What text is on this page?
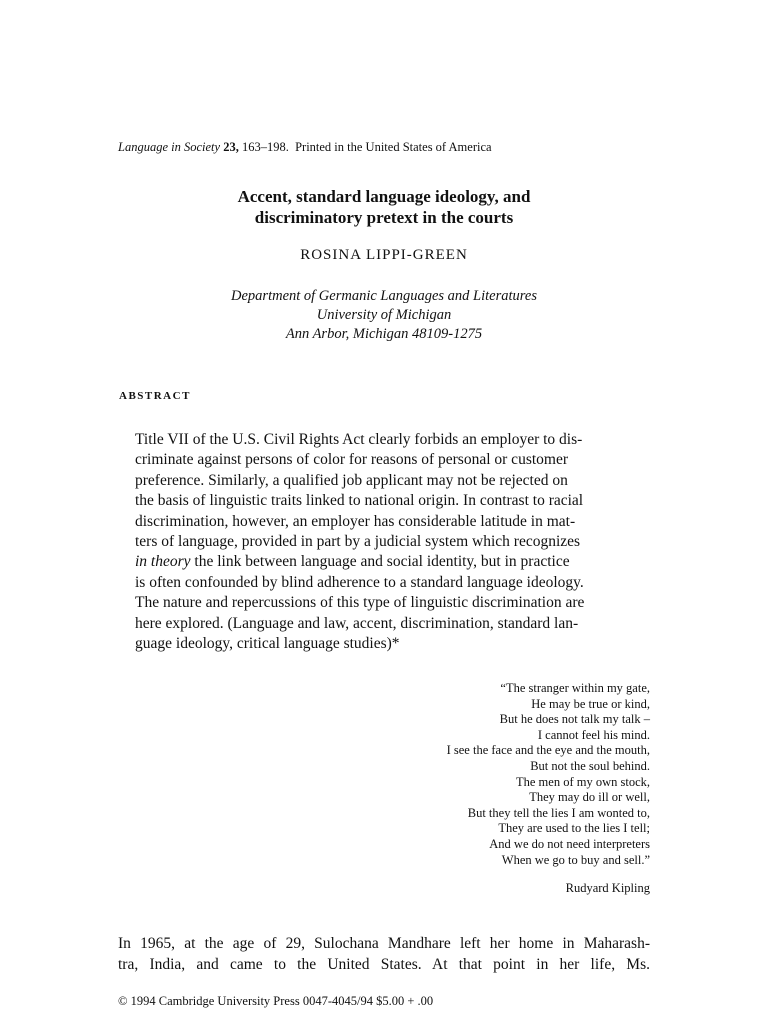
Language in Society 23, 163–198. Printed in the United States of America
Accent, standard language ideology, and
discriminatory pretext in the courts
ROSINA LIPPI-GREEN
Department of Germanic Languages and Literatures
University of Michigan
Ann Arbor, Michigan 48109-1275
ABSTRACT
Title VII of the U.S. Civil Rights Act clearly forbids an employer to dis-
criminate against persons of color for reasons of personal or customer
preference. Similarly, a qualified job applicant may not be rejected on
the basis of linguistic traits linked to national origin. In contrast to racial
discrimination, however, an employer has considerable latitude in mat-
ters of language, provided in part by a judicial system which recognizes
in theory the link between language and social identity, but in practice
is often confounded by blind adherence to a standard language ideology.
The nature and repercussions of this type of linguistic discrimination are
here explored. (Language and law, accent, discrimination, standard lan-
guage ideology, critical language studies)*
“The stranger within my gate,
He may be true or kind,
But he does not talk my talk –
I cannot feel his mind.
I see the face and the eye and the mouth,
But not the soul behind.
The men of my own stock,
They may do ill or well,
But they tell the lies I am wonted to,
They are used to the lies I tell;
And we do not need interpreters
When we go to buy and sell.”
Rudyard Kipling
In 1965, at the age of 29, Sulochana Mandhare left her home in Maharash-
tra, India, and came to the United States. At that point in her life, Ms.
© 1994 Cambridge University Press 0047-4045/94 $5.00 + .00
